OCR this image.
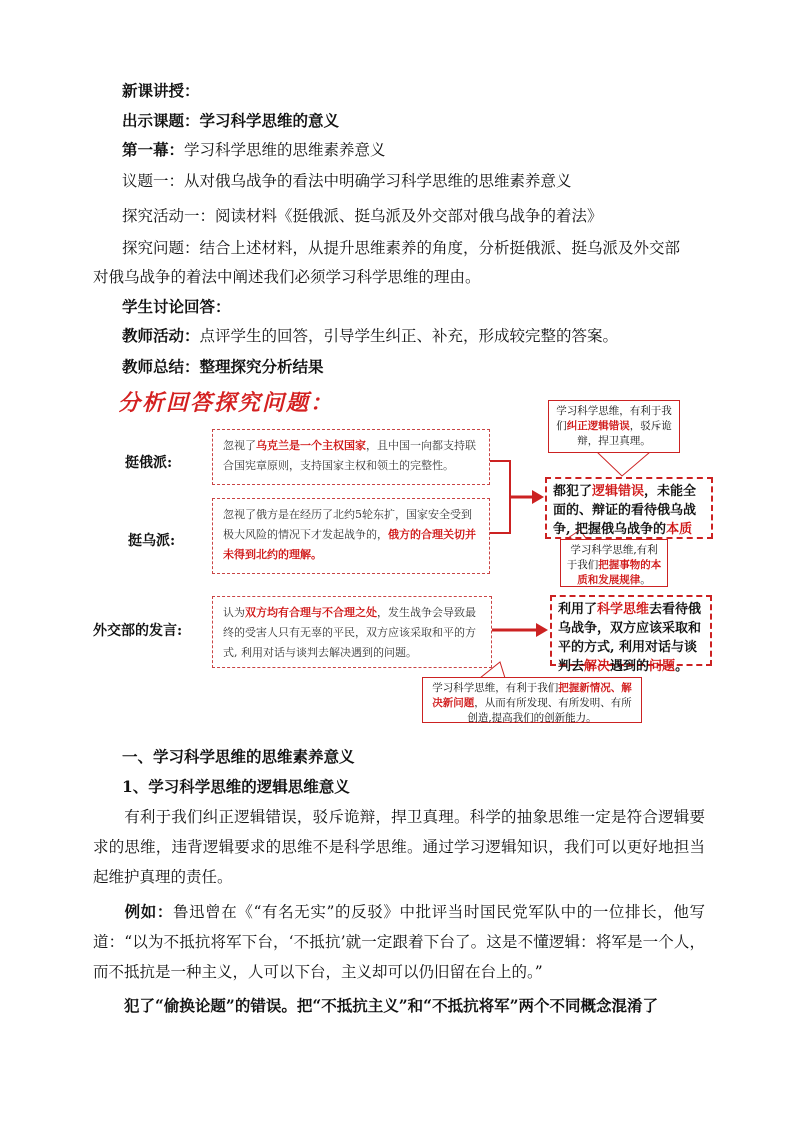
新课讲授：
出示课题：学习科学思维的意义
第一幕：学习科学思维的思维素养意义
议题一：从对俄乌战争的看法中明确学习科学思维的思维素养意义
探究活动一：阅读材料《挺俄派、挺乌派及外交部对俄乌战争的着法》
探究问题：结合上述材料，从提升思维素养的角度，分析挺俄派、挺乌派及外交部
对俄乌战争的着法中阐述我们必须学习科学思维的理由。
学生讨论回答：
教师活动：点评学生的回答，引导学生纠正、补充，形成较完整的答案。
教师总结：整理探究分析结果
分析回答探究问题：
挺俄派:
挺乌派:
外交部的发言:
忽视了乌克兰是一个主权国家，且中国一向都支持联合国宪章原则，支持国家主权和领土的完整性。
忽视了俄方是在经历了北约5轮东扩，国家安全受到极大风险的情况下才发起战争的，俄方的合理关切并未得到北约的理解。
认为双方均有合理与不合理之处，发生战争会导致最终的受害人只有无辜的平民，双方应该采取和平的方式, 利用对话与谈判去解决遇到的问题。
都犯了逻辑错误，未能全面的、辩证的看待俄乌战争, 把握俄乌战争的本质
利用了科学思维去看待俄乌战争，双方应该采取和平的方式, 利用对话与谈判去解决遇到的问题。
学习科学思维，有利于我们纠正逻辑错误，驳斥诡辩，捍卫真理。
学习科学思维,有利于我们把握事物的本质和发展规律。
学习科学思维，有利于我们把握新情况、解决新问题，从而有所发现、有所发明、有所创造,提高我们的创新能力。
一、学习科学思维的思维素养意义
1、学习科学思维的逻辑思维意义
有利于我们纠正逻辑错误，驳斥诡辩，捍卫真理。科学的抽象思维一定是符合逻辑要求的思维，违背逻辑要求的思维不是科学思维。通过学习逻辑知识，我们可以更好地担当起维护真理的责任。
例如：鲁迅曾在《“有名无实”的反驳》中批评当时国民党军队中的一位排长，他写道：“以为不抵抗将军下台，‘不抵抗’就一定跟着下台了。这是不懂逻辑：将军是一个人，而不抵抗是一种主义，人可以下台，主义却可以仍旧留在台上的。”
犯了“偷换论题”的错误。把“不抵抗主义”和“不抵抗将军”两个不同概念混淆了
